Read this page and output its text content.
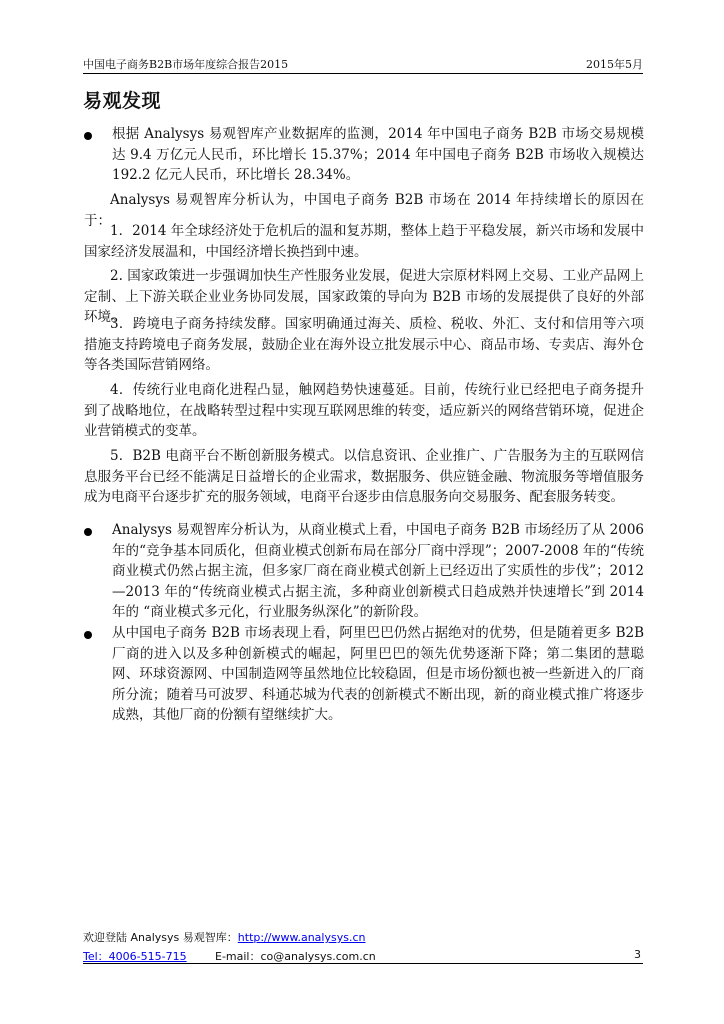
中国电子商务B2B市场年度综合报告2015	2015年5月
易观发现

根据 Analysys 易观智库产业数据库的监测，2014 年中国电子商务 B2B 市场交易规模达 9.4 万亿元人民币，环比增长 15.37%；2014 年中国电子商务 B2B 市场收入规模达 192.2 亿元人民币，环比增长 28.34%。

Analysys 易观智库分析认为，中国电子商务 B2B 市场在 2014 年持续增长的原因在于：

1．2014 年全球经济处于危机后的温和复苏期，整体上趋于平稳发展，新兴市场和发展中国家经济发展温和，中国经济增长换挡到中速。

2. 国家政策进一步强调加快生产性服务业发展，促进大宗原材料网上交易、工业产品网上定制、上下游关联企业业务协同发展，国家政策的导向为 B2B 市场的发展提供了良好的外部环境。

3．跨境电子商务持续发酵。国家明确通过海关、质检、税收、外汇、支付和信用等六项措施支持跨境电子商务发展，鼓励企业在海外设立批发展示中心、商品市场、专卖店、海外仓等各类国际营销网络。

4．传统行业电商化进程凸显，触网趋势快速蔓延。目前，传统行业已经把电子商务提升到了战略地位，在战略转型过程中实现互联网思维的转变，适应新兴的网络营销环境，促进企业营销模式的变革。

5．B2B 电商平台不断创新服务模式。以信息资讯、企业推广、广告服务为主的互联网信息服务平台已经不能满足日益增长的企业需求，数据服务、供应链金融、物流服务等增值服务成为电商平台逐步扩充的服务领域，电商平台逐步由信息服务向交易服务、配套服务转变。

Analysys 易观智库分析认为，从商业模式上看，中国电子商务 B2B 市场经历了从 2006 年的“竞争基本同质化，但商业模式创新布局在部分厂商中浮现”；2007-2008 年的“传统商业模式仍然占据主流，但多家厂商在商业模式创新上已经迈出了实质性的步伐”；2012—2013 年的“传统商业模式占据主流，多种商业创新模式日趋成熟并快速增长”到 2014 年的 “商业模式多元化，行业服务纵深化”的新阶段。

从中国电子商务 B2B 市场表现上看，阿里巴巴仍然占据绝对的优势，但是随着更多 B2B 厂商的进入以及多种创新模式的崛起，阿里巴巴的领先优势逐渐下降；第二集团的慧聪网、环球资源网、中国制造网等虽然地位比较稳固，但是市场份额也被一些新进入的厂商所分流；随着马可波罗、科通芯城为代表的创新模式不断出现，新的商业模式推广将逐步成熟，其他厂商的份额有望继续扩大。

欢迎登陆 Analysys 易观智库：http://www.analysys.cn
Tel：4006-515-715	E-mail：co@analysys.com.cn	3
